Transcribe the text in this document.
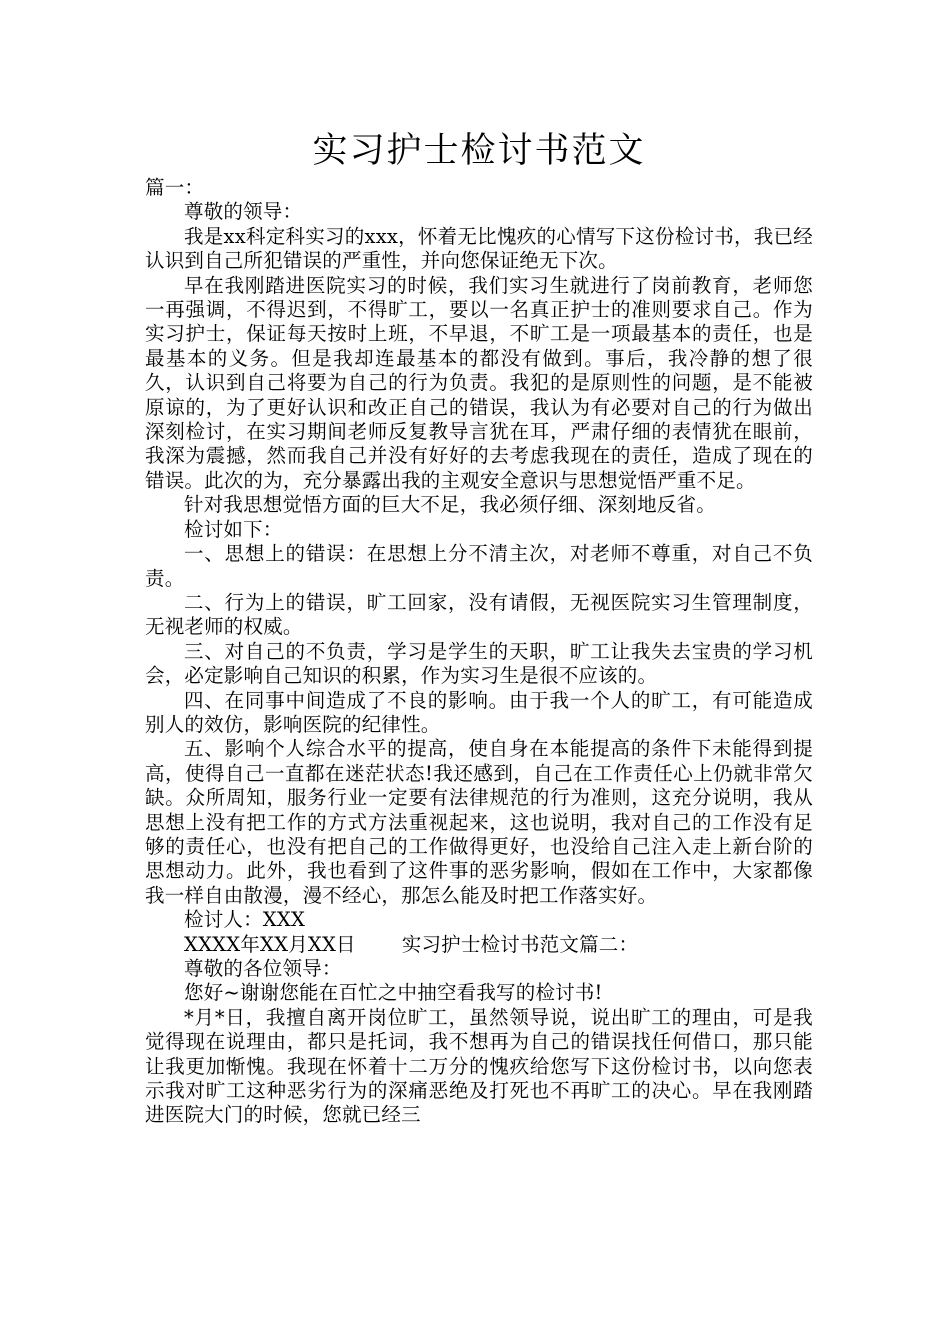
实习护士检讨书范文

篇一：

尊敬的领导：

我是xx科定科实习的xxx，怀着无比愧疚的心情写下这份检讨书，我已经认识到自己所犯错误的严重性，并向您保证绝无下次。

早在我刚踏进医院实习的时候，我们实习生就进行了岗前教育，老师您一再强调，不得迟到，不得旷工，要以一名真正护士的准则要求自己。作为实习护士，保证每天按时上班，不早退，不旷工是一项最基本的责任，也是最基本的义务。但是我却连最基本的都没有做到。事后，我冷静的想了很久，认识到自己将要为自己的行为负责。我犯的是原则性的问题，是不能被原谅的，为了更好认识和改正自己的错误，我认为有必要对自己的行为做出深刻检讨，在实习期间老师反复教导言犹在耳，严肃仔细的表情犹在眼前，我深为震撼，然而我自己并没有好好的去考虑我现在的责任，造成了现在的错误。此次的为，充分暴露出我的主观安全意识与思想觉悟严重不足。

针对我思想觉悟方面的巨大不足，我必须仔细、深刻地反省。

检讨如下：

一、思想上的错误：在思想上分不清主次，对老师不尊重，对自己不负责。

二、行为上的错误，旷工回家，没有请假，无视医院实习生管理制度，无视老师的权威。

三、对自己的不负责，学习是学生的天职，旷工让我失去宝贵的学习机会，必定影响自己知识的积累，作为实习生是很不应该的。

四、在同事中间造成了不良的影响。由于我一个人的旷工，有可能造成别人的效仿，影响医院的纪律性。

五、影响个人综合水平的提高，使自身在本能提高的条件下未能得到提高，使得自己一直都在迷茫状态!我还感到，自己在工作责任心上仍就非常欠缺。众所周知，服务行业一定要有法律规范的行为准则，这充分说明，我从思想上没有把工作的方式方法重视起来，这也说明，我对自己的工作没有足够的责任心，也没有把自己的工作做得更好，也没给自己注入走上新台阶的思想动力。此外，我也看到了这件事的恶劣影响，假如在工作中，大家都像我一样自由散漫，漫不经心，那怎么能及时把工作落实好。

检讨人：XXX

XXXX年XX月XX日 实习护士检讨书范文篇二：

尊敬的各位领导：

您好~谢谢您能在百忙之中抽空看我写的检讨书!

*月*日，我擅自离开岗位旷工，虽然领导说，说出旷工的理由，可是我觉得现在说理由，都只是托词，我不想再为自己的错误找任何借口，那只能让我更加惭愧。我现在怀着十二万分的愧疚给您写下这份检讨书，以向您表示我对旷工这种恶劣行为的深痛恶绝及打死也不再旷工的决心。早在我刚踏进医院大门的时候，您就已经三
